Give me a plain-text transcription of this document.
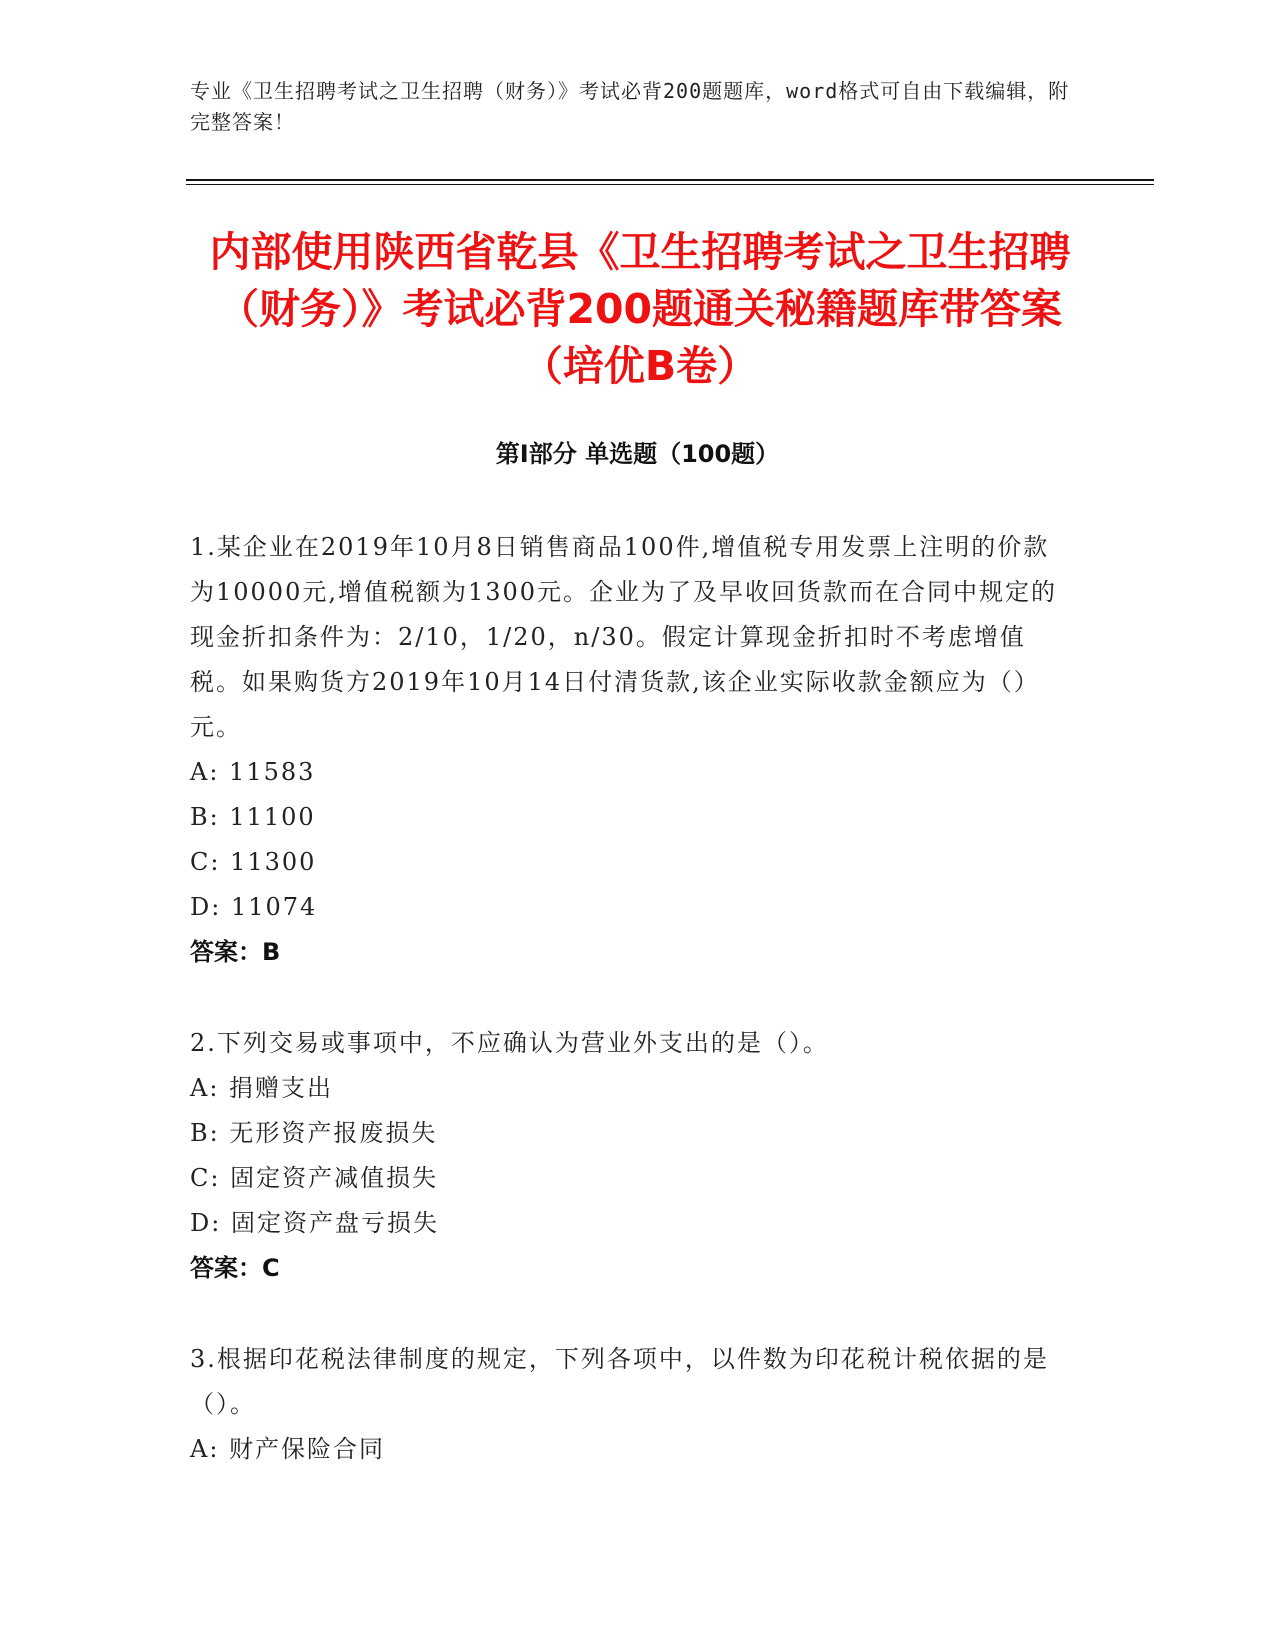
专业《卫生招聘考试之卫生招聘（财务）》考试必背200题题库，word格式可自由下载编辑，附完整答案！
内部使用陕西省乾县《卫生招聘考试之卫生招聘（财务）》考试必背200题通关秘籍题库带答案（培优B卷）
第Ⅰ部分 单选题（100题）

1.某企业在2019年10月8日销售商品100件,增值税专用发票上注明的价款为10000元,增值税额为1300元。企业为了及早收回货款而在合同中规定的现金折扣条件为：2/10，1/20，n/30。假定计算现金折扣时不考虑增值税。如果购货方2019年10月14日付清货款,该企业实际收款金额应为（）元。

A: 11583
B: 11100
C: 11300
D: 11074
答案：B

2.下列交易或事项中，不应确认为营业外支出的是（）。

A: 捐赠支出
B: 无形资产报废损失
C: 固定资产减值损失
D: 固定资产盘亏损失
答案：C

3.根据印花税法律制度的规定，下列各项中，以件数为印花税计税依据的是（）。

A: 财产保险合同
